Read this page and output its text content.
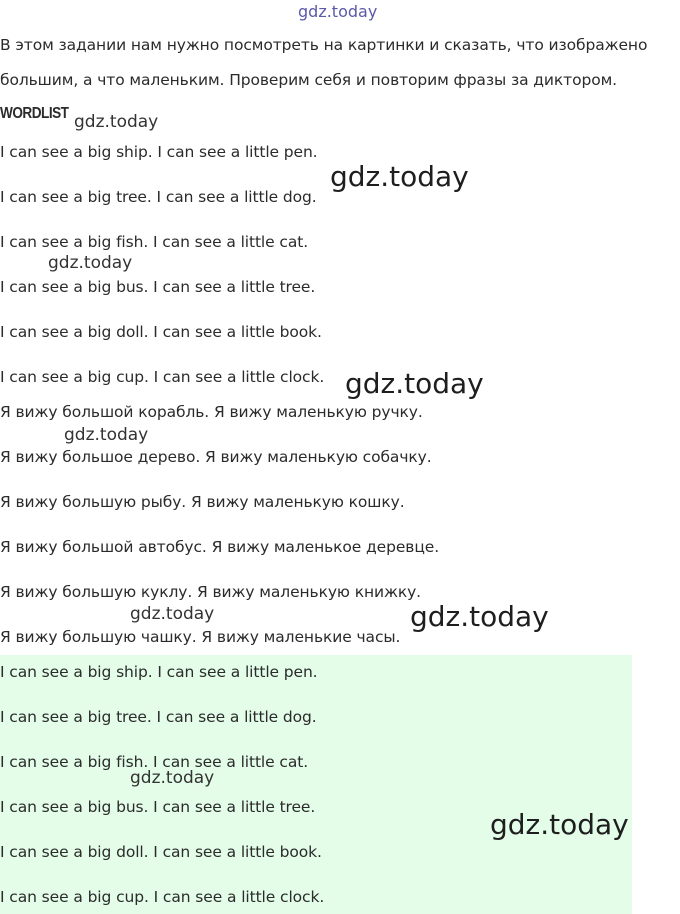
gdz.today
В этом задании нам нужно посмотреть на картинки и сказать, что изображено
большим, а что маленьким. Проверим себя и повторим фразы за диктором.
WORDLIST gdz.today
I can see a big ship. I can see a little pen.
I can see a big tree. I can see a little dog.
I can see a big fish. I can see a little cat.
I can see a big bus. I can see a little tree.
I can see a big doll. I can see a little book.
I can see a big cup. I can see a little clock.
gdz.today
gdz.today
gdz.today
Я вижу большой корабль. Я вижу маленькую ручку.
Я вижу большое дерево. Я вижу маленькую собачку.
Я вижу большую рыбу. Я вижу маленькую кошку.
Я вижу большой автобус. Я вижу маленькое деревце.
Я вижу большую куклу. Я вижу маленькую книжку.
Я вижу большую чашку. Я вижу маленькие часы.
gdz.today
gdz.today	gdz.today
I can see a big ship. I can see a little pen.
I can see a big tree. I can see a little dog.
I can see a big fish. I can see a little cat.
I can see a big bus. I can see a little tree.
I can see a big doll. I can see a little book.
I can see a big cup. I can see a little clock.
gdz.today
gdz.today
